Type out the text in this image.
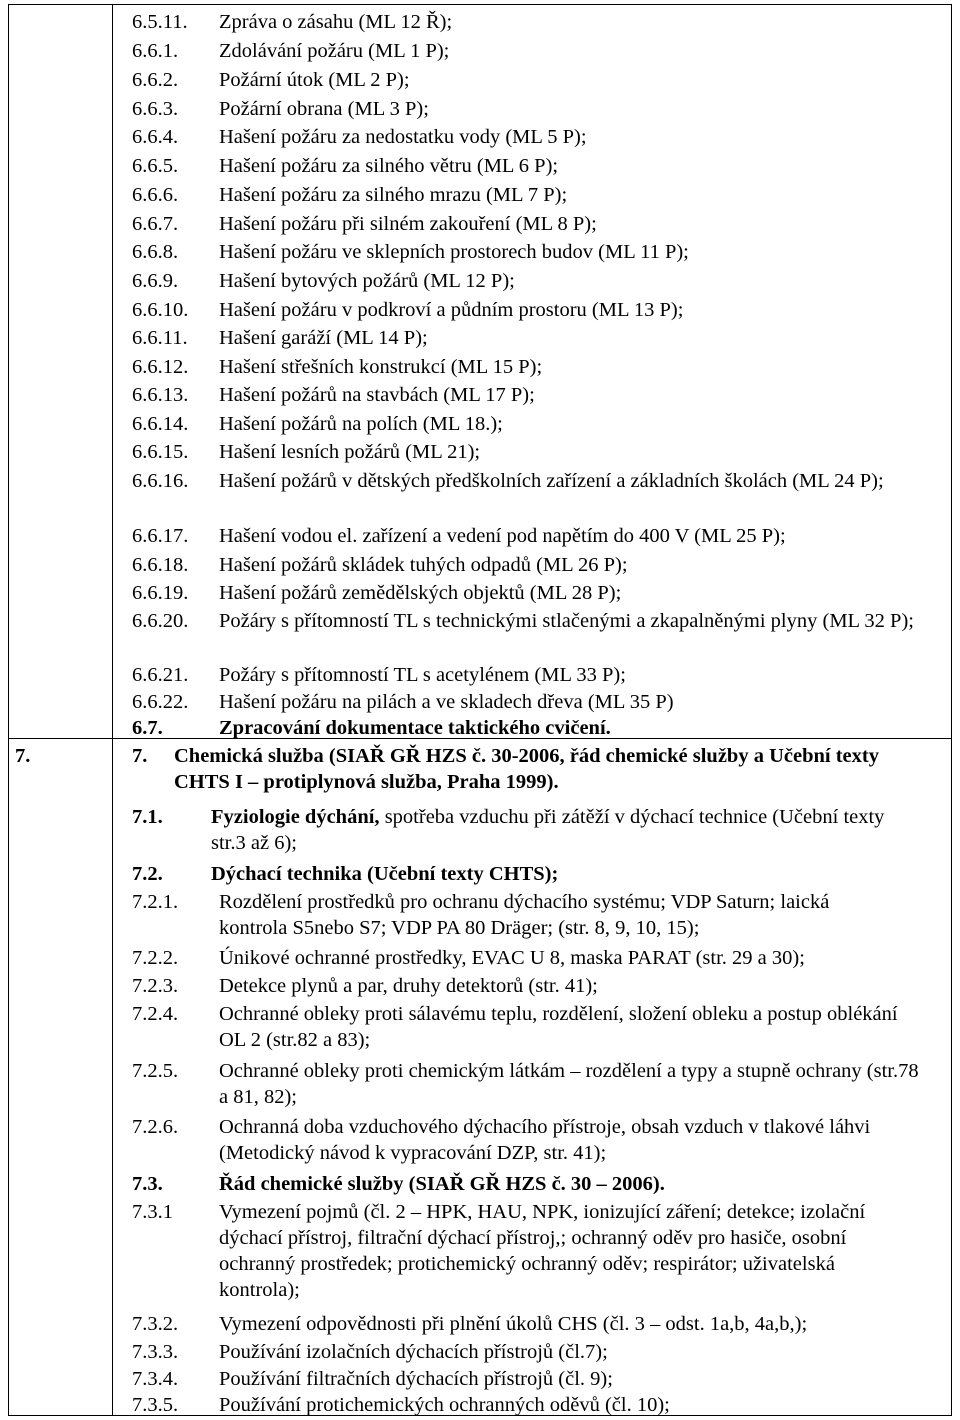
6.5.11. Zpráva o zásahu (ML 12 Ř);
6.6.1. Zdolávání požáru (ML 1 P);
6.6.2. Požární útok (ML 2 P);
6.6.3. Požární obrana (ML 3 P);
6.6.4. Hašení požáru za nedostatku vody (ML 5 P);
6.6.5. Hašení požáru za silného větru (ML 6 P);
6.6.6. Hašení požáru za silného mrazu (ML 7 P);
6.6.7. Hašení požáru při silném zakouření (ML 8 P);
6.6.8. Hašení požáru ve sklepních prostorech budov (ML 11 P);
6.6.9. Hašení bytových požárů (ML 12 P);
6.6.10. Hašení požáru v podkroví a půdním prostoru (ML 13 P);
6.6.11. Hašení garáží (ML 14 P);
6.6.12. Hašení střešních konstrukcí (ML 15 P);
6.6.13. Hašení požárů na stavbách (ML 17 P);
6.6.14. Hašení požárů na polích (ML 18.);
6.6.15. Hašení lesních požárů (ML 21);
6.6.16. Hašení požárů v dětských předškolních zařízení a základních školách (ML 24 P);
6.6.17. Hašení vodou el. zařízení a vedení pod napětím do 400 V (ML 25 P);
6.6.18. Hašení požárů skládek tuhých odpadů (ML 26 P);
6.6.19. Hašení požárů zemědělských objektů (ML 28 P);
6.6.20. Požáry s přítomností TL s technickými stlačenými a zkapalněnými plyny (ML 32 P);
6.6.21. Požáry s přítomností TL s acetylénem (ML 33 P);
6.6.22. Hašení požáru na pilách a ve skladech dřeva (ML 35 P)
6.7.	Zpracování dokumentace taktického cvičení.
7.	7. Chemická služba (SIAŘ GŘ HZS č. 30-2006, řád chemické služby a Učební texty CHTS I – protiplynová služba, Praha 1999).
7.1. Fyziologie dýchání, spotřeba vzduchu při zátěží v dýchací technice (Učební texty str.3 až 6);
7.2. Dýchací technika (Učební texty CHTS);
7.2.1. Rozdělení prostředků pro ochranu dýchacího systému; VDP Saturn; laická kontrola S5nebo S7; VDP PA 80 Dräger; (str. 8, 9, 10, 15);
7.2.2. Únikové ochranné prostředky, EVAC U 8, maska PARAT (str. 29 a 30);
7.2.3. Detekce plynů a par, druhy detektorů (str. 41);
7.2.4. Ochranné obleky proti sálavému teplu, rozdělení, složení obleku a postup oblékání OL 2 (str.82 a 83);
7.2.5. Ochranné obleky proti chemickým látkám – rozdělení a typy a stupně ochrany (str.78 a 81, 82);
7.2.6. Ochranná doba vzduchového dýchacího přístroje, obsah vzduch v tlakové láhvi (Metodický návod k vypracování DZP, str. 41);
7.3.	Řád chemické služby (SIAŘ GŘ HZS č. 30 – 2006).
7.3.1 Vymezení pojmů (čl. 2 – HPK, HAU, NPK, ionizující záření; detekce; izolační dýchací přístroj, filtrační dýchací přístroj,; ochranný oděv pro hasiče, osobní ochranný prostředek; protichemický ochranný oděv; respirátor; uživatelská kontrola);
7.3.2. Vymezení odpovědnosti při plnění úkolů CHS (čl. 3 – odst. 1a,b, 4a,b,);
7.3.3. Používání izolačních dýchacích přístrojů (čl.7);
7.3.4. Používání filtračních dýchacích přístrojů (čl. 9);
7.3.5. Používání protichemických ochranných oděvů (čl. 10);
